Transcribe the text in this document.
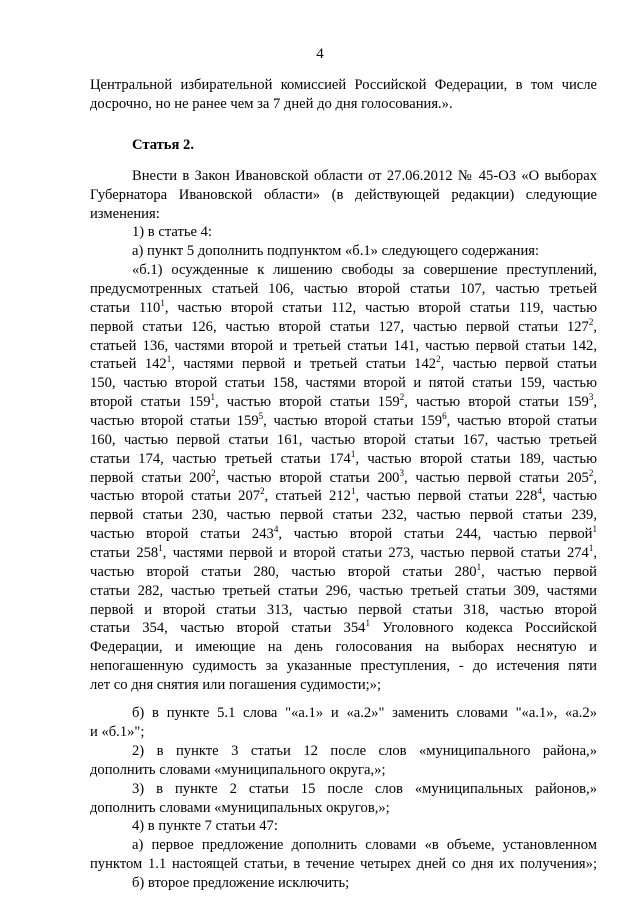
4
Центральной избирательной комиссией Российской Федерации, в том числе
досрочно, но не ранее чем за 7 дней до дня голосования.».
Статья 2.
Внести в Закон Ивановской области от 27.06.2012 № 45-ОЗ «О выборах
Губернатора Ивановской области» (в действующей редакции) следующие
изменения:
1) в статье 4:
а) пункт 5 дополнить подпунктом «б.1» следующего содержания:
«б.1) осужденные к лишению свободы за совершение преступлений,
предусмотренных статьей 106, частью второй статьи 107, частью третьей
статьи $110^1$, частью второй статьи 112, частью второй статьи 119, частью
первой статьи 126, частью второй статьи 127, частью первой статьи $127^2$,
статьей 136, частями второй и третьей статьи 141, частью первой статьи 142,
статьей $142^1$, частями первой и третьей статьи $142^2$, частью первой статьи
150, частью второй статьи 158, частями второй и пятой статьи 159, частью
второй статьи $159^1$, частью второй статьи $159^2$, частью второй статьи $159^3$,
частью второй статьи $159^5$, частью второй статьи $159^6$, частью второй статьи
160, частью первой статьи 161, частью второй статьи 167, частью третьей
статьи 174, частью третьей статьи $174^1$, частью второй статьи 189, частью
первой статьи $200^2$, частью второй статьи $200^3$, частью первой статьи $205^2$,
частью второй статьи $207^2$, статьей $212^1$, частью первой статьи $228^4$, частью
первой статьи 230, частью первой статьи 232, частью первой статьи 239,
частью второй статьи $243^4$, частью второй статьи 244, частью первой$^1$
статьи $258^1$, частями первой и второй статьи 273, частью первой статьи $274^1$,
частью второй статьи 280, частью второй статьи $280^1$, частью первой
статьи 282, частью третьей статьи 296, частью третьей статьи 309, частями
первой и второй статьи 313, частью первой статьи 318, частью второй
статьи 354, частью второй статьи $354^1$ Уголовного кодекса Российской
Федерации, и имеющие на день голосования на выборах неснятую и
непогашенную судимость за указанные преступления, - до истечения пяти
лет со дня снятия или погашения судимости;»;
б) в пункте 5.1 слова "«а.1» и «а.2»" заменить словами "«а.1», «а.2»
и «б.1»";
2) в пункте 3 статьи 12 после слов «муниципального района,»
дополнить словами «муниципального округа,»;
3) в пункте 2 статьи 15 после слов «муниципальных районов,»
дополнить словами «муниципальных округов,»;
4) в пункте 7 статьи 47:
а) первое предложение дополнить словами «в объеме, установленном
пунктом 1.1 настоящей статьи, в течение четырех дней со дня их получения»;
б) второе предложение исключить;
